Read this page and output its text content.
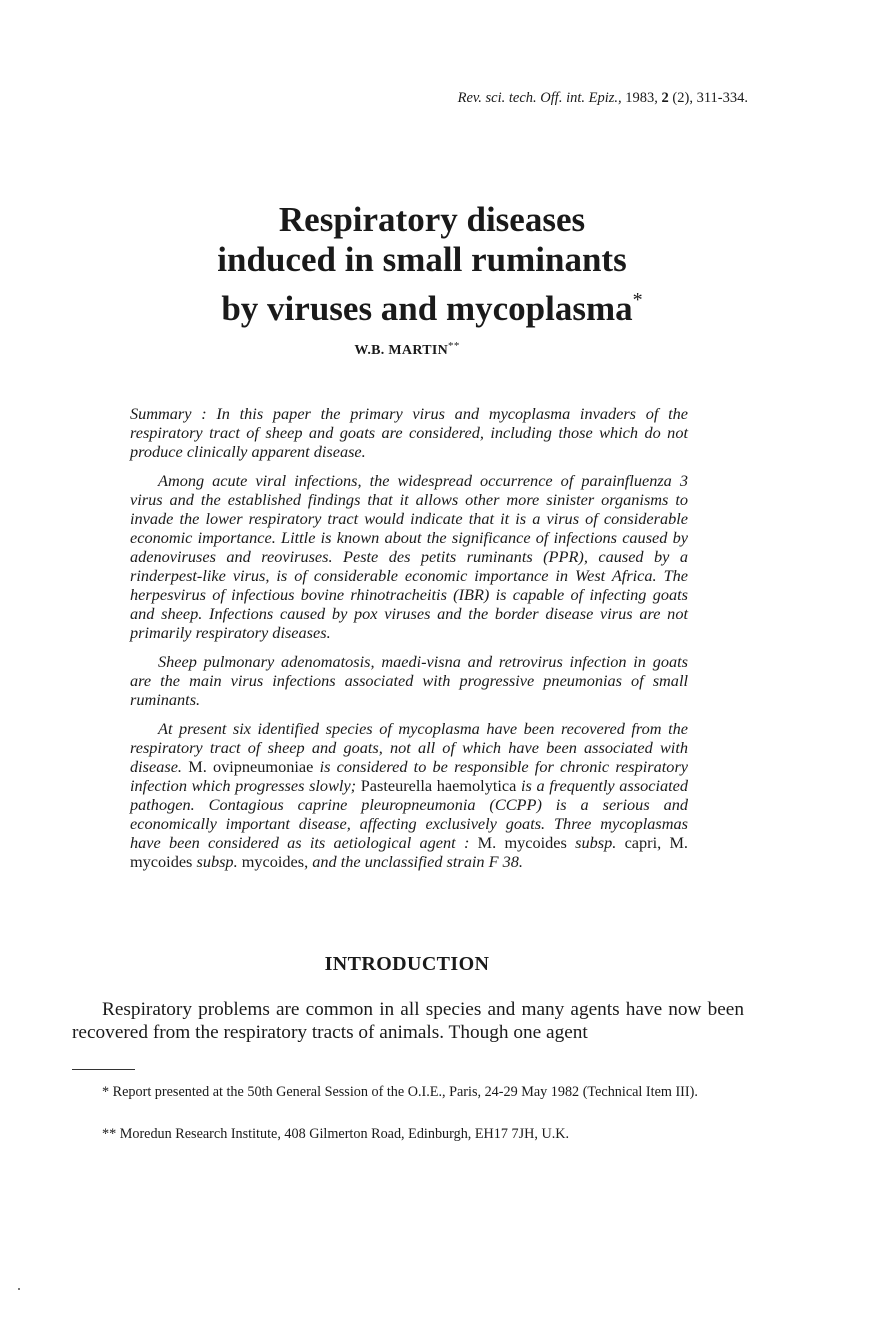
Rev. sci. tech. Off. int. Epiz., 1983, 2 (2), 311-334.
Respiratory diseases
induced in small ruminants
by viruses and mycoplasma*
W.B. MARTIN**

Summary : In this paper the primary virus and mycoplasma invaders of the respiratory tract of sheep and goats are considered, including those which do not produce clinically apparent disease.

Among acute viral infections, the widespread occurrence of parainfluenza 3 virus and the established findings that it allows other more sinister organisms to invade the lower respiratory tract would indicate that it is a virus of considerable economic importance. Little is known about the significance of infections caused by adenoviruses and reoviruses. Peste des petits ruminants (PPR), caused by a rinderpest-like virus, is of considerable economic importance in West Africa. The herpesvirus of infectious bovine rhinotracheitis (IBR) is capable of infecting goats and sheep. Infections caused by pox viruses and the border disease virus are not primarily respiratory diseases.

Sheep pulmonary adenomatosis, maedi-visna and retrovirus infection in goats are the main virus infections associated with progressive pneumonias of small ruminants.

At present six identified species of mycoplasma have been recovered from the respiratory tract of sheep and goats, not all of which have been associated with disease. M. ovipneumoniae is considered to be responsible for chronic respiratory infection which progresses slowly; Pasteurella haemolytica is a frequently associated pathogen. Contagious caprine pleuropneumonia (CCPP) is a serious and economically important disease, affecting exclusively goats. Three mycoplasmas have been considered as its aetiological agent : M. mycoides subsp. capri, M. mycoides subsp. mycoides, and the unclassified strain F 38.

INTRODUCTION

Respiratory problems are common in all species and many agents have now been recovered from the respiratory tracts of animals. Though one agent

* Report presented at the 50th General Session of the O.I.E., Paris, 24-29 May 1982 (Technical Item III).

** Moredun Research Institute, 408 Gilmerton Road, Edinburgh, EH17 7JH, U.K.
